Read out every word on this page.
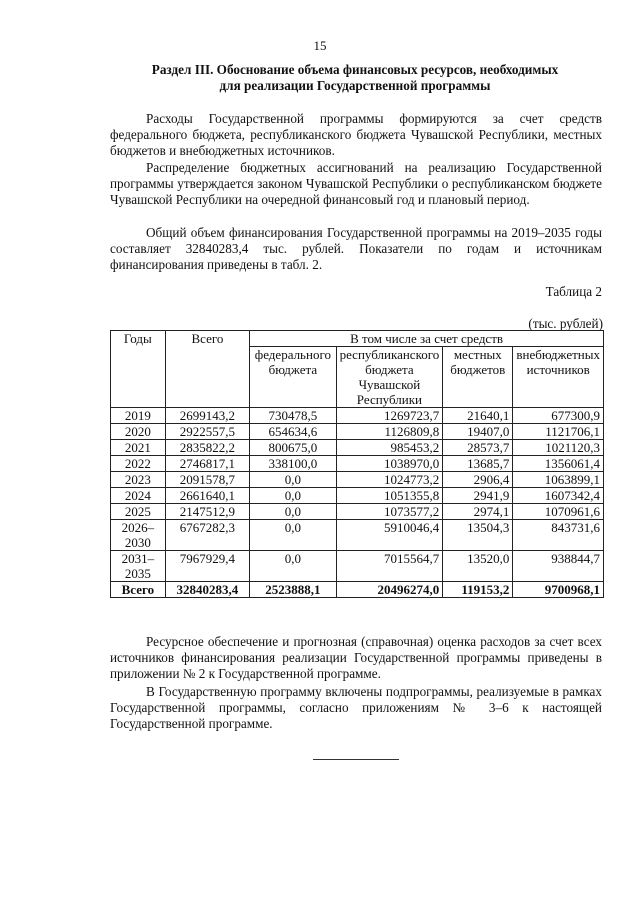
15
Раздел III. Обоснование объема финансовых ресурсов, необходимых
для реализации Государственной программы

Расходы Государственной программы формируются за счет средств федерального бюджета, республиканского бюджета Чувашской Республики, местных бюджетов и внебюджетных источников.

Распределение бюджетных ассигнований на реализацию Государственной программы утверждается законом Чувашской Республики о республиканском бюджете Чувашской Республики на очередной финансовый год и плановый период.

Общий объем финансирования Государственной программы на 2019–2035 годы составляет 32840283,4 тыс. рублей. Показатели по годам и источникам финансирования приведены в табл. 2.

Таблица 2
(тыс. рублей)
Годы	Всего	В том числе за счет средств			
		федерального бюджета	республиканского бюджета Чувашской Республики	местных бюджетов	внебюджетных источников
2019	2699143,2	730478,5	1269723,7	21640,1	677300,9
2020	2922557,5	654634,6	1126809,8	19407,0	1121706,1
2021	2835822,2	800675,0	985453,2	28573,7	1021120,3
2022	2746817,1	338100,0	1038970,0	13685,7	1356061,4
2023	2091578,7	0,0	1024773,2	2906,4	1063899,1
2024	2661640,1	0,0	1051355,8	2941,9	1607342,4
2025	2147512,9	0,0	1073577,2	2974,1	1070961,6
2026–2030	6767282,3	0,0	5910046,4	13504,3	843731,6
2031–2035	7967929,4	0,0	7015564,7	13520,0	938844,7
Всего	32840283,4	2523888,1	20496274,0	119153,2	9700968,1

Ресурсное обеспечение и прогнозная (справочная) оценка расходов за счет всех источников финансирования реализации Государственной программы приведены в приложении № 2 к Государственной программе.

В Государственную программу включены подпрограммы, реализуемые в рамках Государственной программы, согласно приложениям № 3–6 к настоящей Государственной программе.
